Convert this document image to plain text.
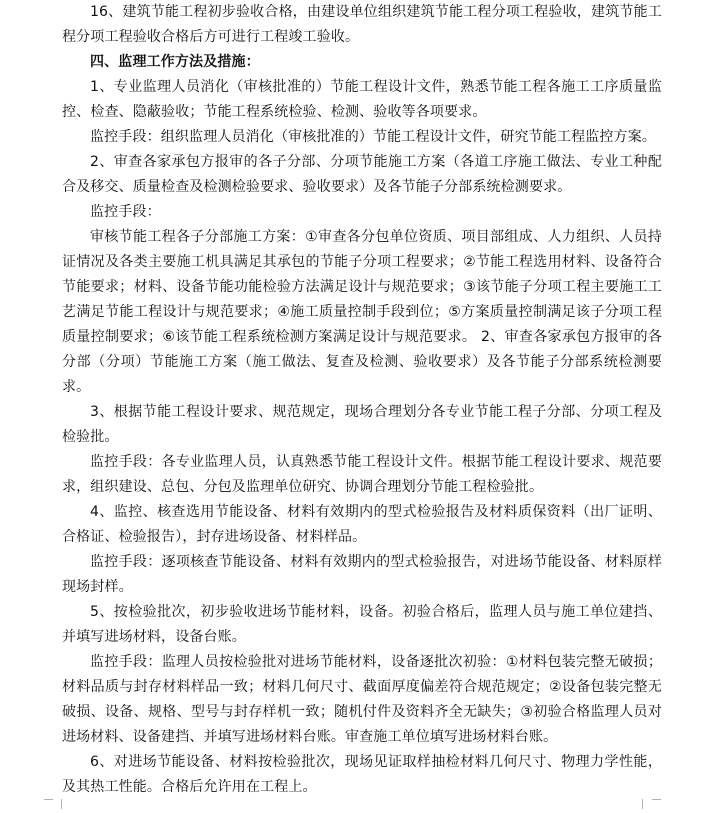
16、建筑节能工程初步验收合格，由建设单位组织建筑节能工程分项工程验收，建筑节能工程分项工程验收合格后方可进行工程竣工验收。

四、监理工作方法及措施：

1、专业监理人员消化（审核批准的）节能工程设计文件，熟悉节能工程各施工工序质量监控、检查、隐蔽验收；节能工程系统检验、检测、验收等各项要求。

监控手段：组织监理人员消化（审核批准的）节能工程设计文件，研究节能工程监控方案。

2、审查各家承包方报审的各子分部、分项节能施工方案（各道工序施工做法、专业工种配合及移交、质量检查及检测检验要求、验收要求）及各节能子分部系统检测要求。

监控手段：

审核节能工程各子分部施工方案：①审查各分包单位资质、项目部组成、人力组织、人员持证情况及各类主要施工机具满足其承包的节能子分项工程要求；②节能工程选用材料、设备符合节能要求；材料、设备节能功能检验方法满足设计与规范要求；③该节能子分项工程主要施工工艺满足节能工程设计与规范要求；④施工质量控制手段到位；⑤方案质量控制满足该子分项工程质量控制要求；⑥该节能工程系统检测方案满足设计与规范要求。 2、审查各家承包方报审的各分部（分项）节能施工方案（施工做法、复查及检测、验收要求）及各节能子分部系统检测要求。

3、根据节能工程设计要求、规范规定，现场合理划分各专业节能工程子分部、分项工程及检验批。

监控手段：各专业监理人员，认真熟悉节能工程设计文件。根据节能工程设计要求、规范要求，组织建设、总包、分包及监理单位研究、协调合理划分节能工程检验批。

4、监控、核查选用节能设备、材料有效期内的型式检验报告及材料质保资料（出厂证明、合格证、检验报告），封存进场设备、材料样品。

监控手段：逐项核查节能设备、材料有效期内的型式检验报告，对进场节能设备、材料原样现场封样。

5、按检验批次，初步验收进场节能材料，设备。初验合格后，监理人员与施工单位建挡、并填写进场材料，设备台账。

监控手段：监理人员按检验批对进场节能材料，设备逐批次初验：①材料包装完整无破损；材料品质与封存材料样品一致；材料几何尺寸、截面厚度偏差符合规范规定；②设备包装完整无破损、设备、规格、型号与封存样机一致；随机付件及资料齐全无缺失；③初验合格监理人员对进场材料、设备建挡、并填写进场材料台账。审查施工单位填写进场材料台账。

6、对进场节能设备、材料按检验批次，现场见证取样抽检材料几何尺寸、物理力学性能，及其热工性能。合格后允许用在工程上。
